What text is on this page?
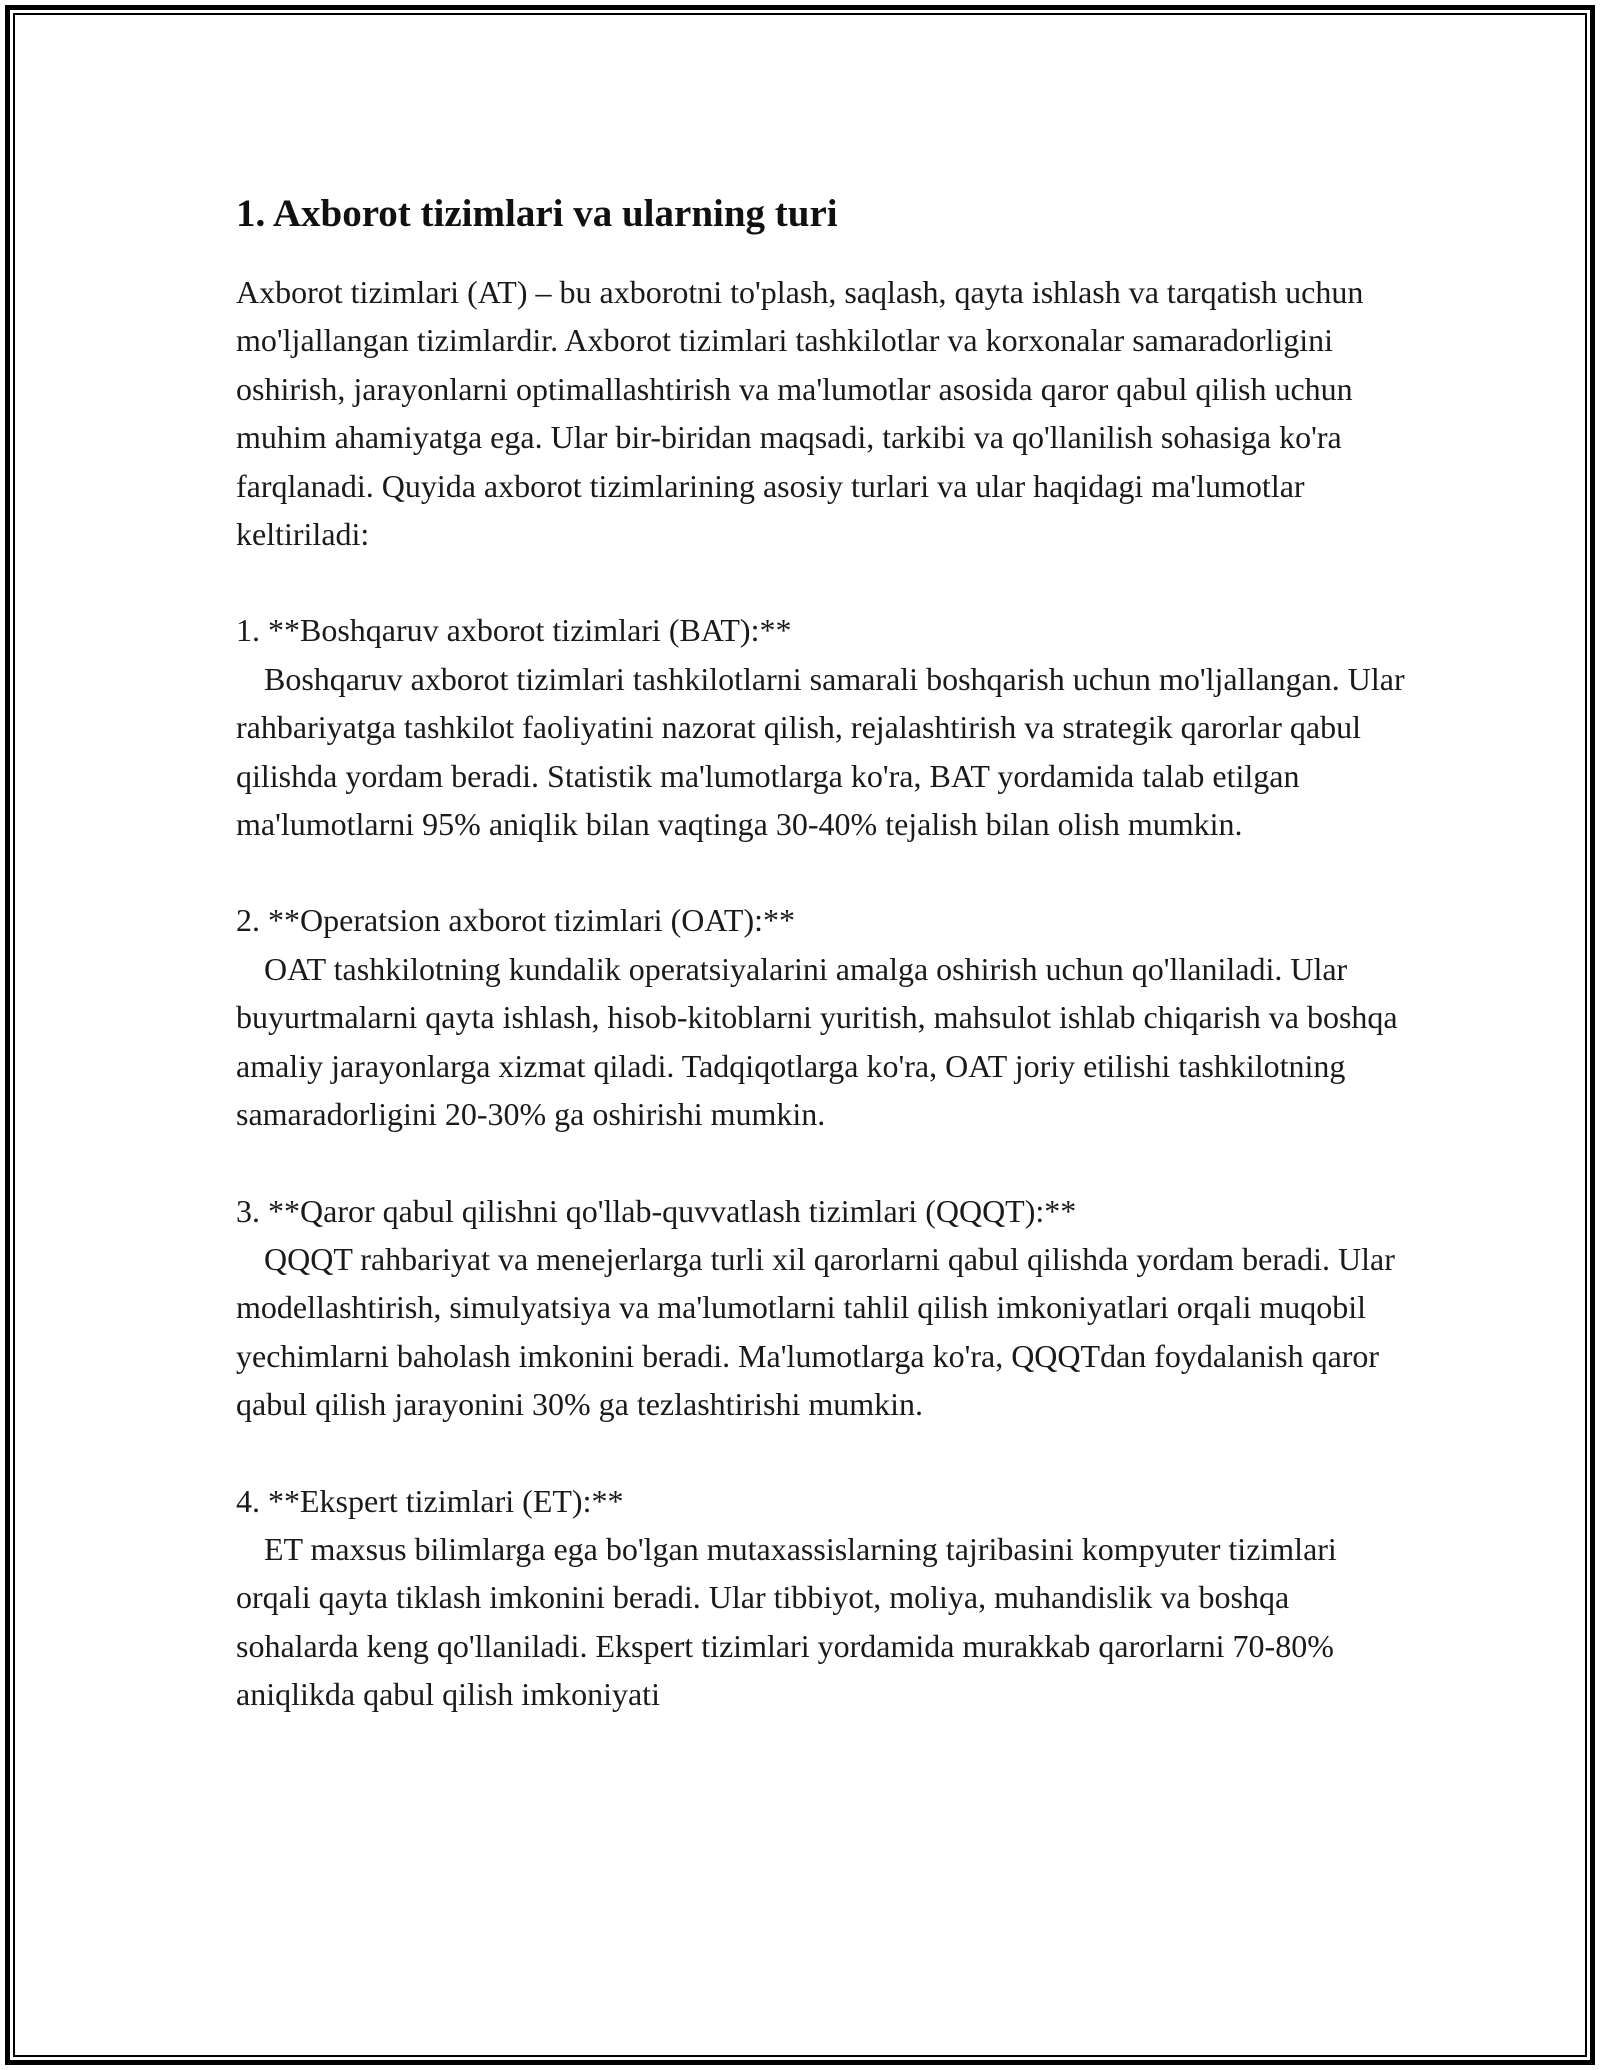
1. Axborot tizimlari va ularning turi

Axborot tizimlari (AT) – bu axborotni to'plash, saqlash, qayta ishlash va tarqatish uchun mo'ljallangan tizimlardir. Axborot tizimlari tashkilotlar va korxonalar samaradorligini oshirish, jarayonlarni optimallashtirish va ma'lumotlar asosida qaror qabul qilish uchun muhim ahamiyatga ega. Ular bir-biridan maqsadi, tarkibi va qo'llanilish sohasiga ko'ra farqlanadi. Quyida axborot tizimlarining asosiy turlari va ular haqidagi ma'lumotlar keltiriladi:

1. **Boshqaruv axborot tizimlari (BAT):**

Boshqaruv axborot tizimlari tashkilotlarni samarali boshqarish uchun mo'ljallangan. Ular rahbariyatga tashkilot faoliyatini nazorat qilish, rejalashtirish va strategik qarorlar qabul qilishda yordam beradi. Statistik ma'lumotlarga ko'ra, BAT yordamida talab etilgan ma'lumotlarni 95% aniqlik bilan vaqtinga 30-40% tejalish bilan olish mumkin.

2. **Operatsion axborot tizimlari (OAT):**

OAT tashkilotning kundalik operatsiyalarini amalga oshirish uchun qo'llaniladi. Ular buyurtmalarni qayta ishlash, hisob-kitoblarni yuritish, mahsulot ishlab chiqarish va boshqa amaliy jarayonlarga xizmat qiladi. Tadqiqotlarga ko'ra, OAT joriy etilishi tashkilotning samaradorligini 20-30% ga oshirishi mumkin.

3. **Qaror qabul qilishni qo'llab-quvvatlash tizimlari (QQQT):**

QQQT rahbariyat va menejerlarga turli xil qarorlarni qabul qilishda yordam beradi. Ular modellashtirish, simulyatsiya va ma'lumotlarni tahlil qilish imkoniyatlari orqali muqobil yechimlarni baholash imkonini beradi. Ma'lumotlarga ko'ra, QQQTdan foydalanish qaror qabul qilish jarayonini 30% ga tezlashtirishi mumkin.

4. **Ekspert tizimlari (ET):**

ET maxsus bilimlarga ega bo'lgan mutaxassislarning tajribasini kompyuter tizimlari orqali qayta tiklash imkonini beradi. Ular tibbiyot, moliya, muhandislik va boshqa sohalarda keng qo'llaniladi. Ekspert tizimlari yordamida murakkab qarorlarni 70-80% aniqlikda qabul qilish imkoniyati
